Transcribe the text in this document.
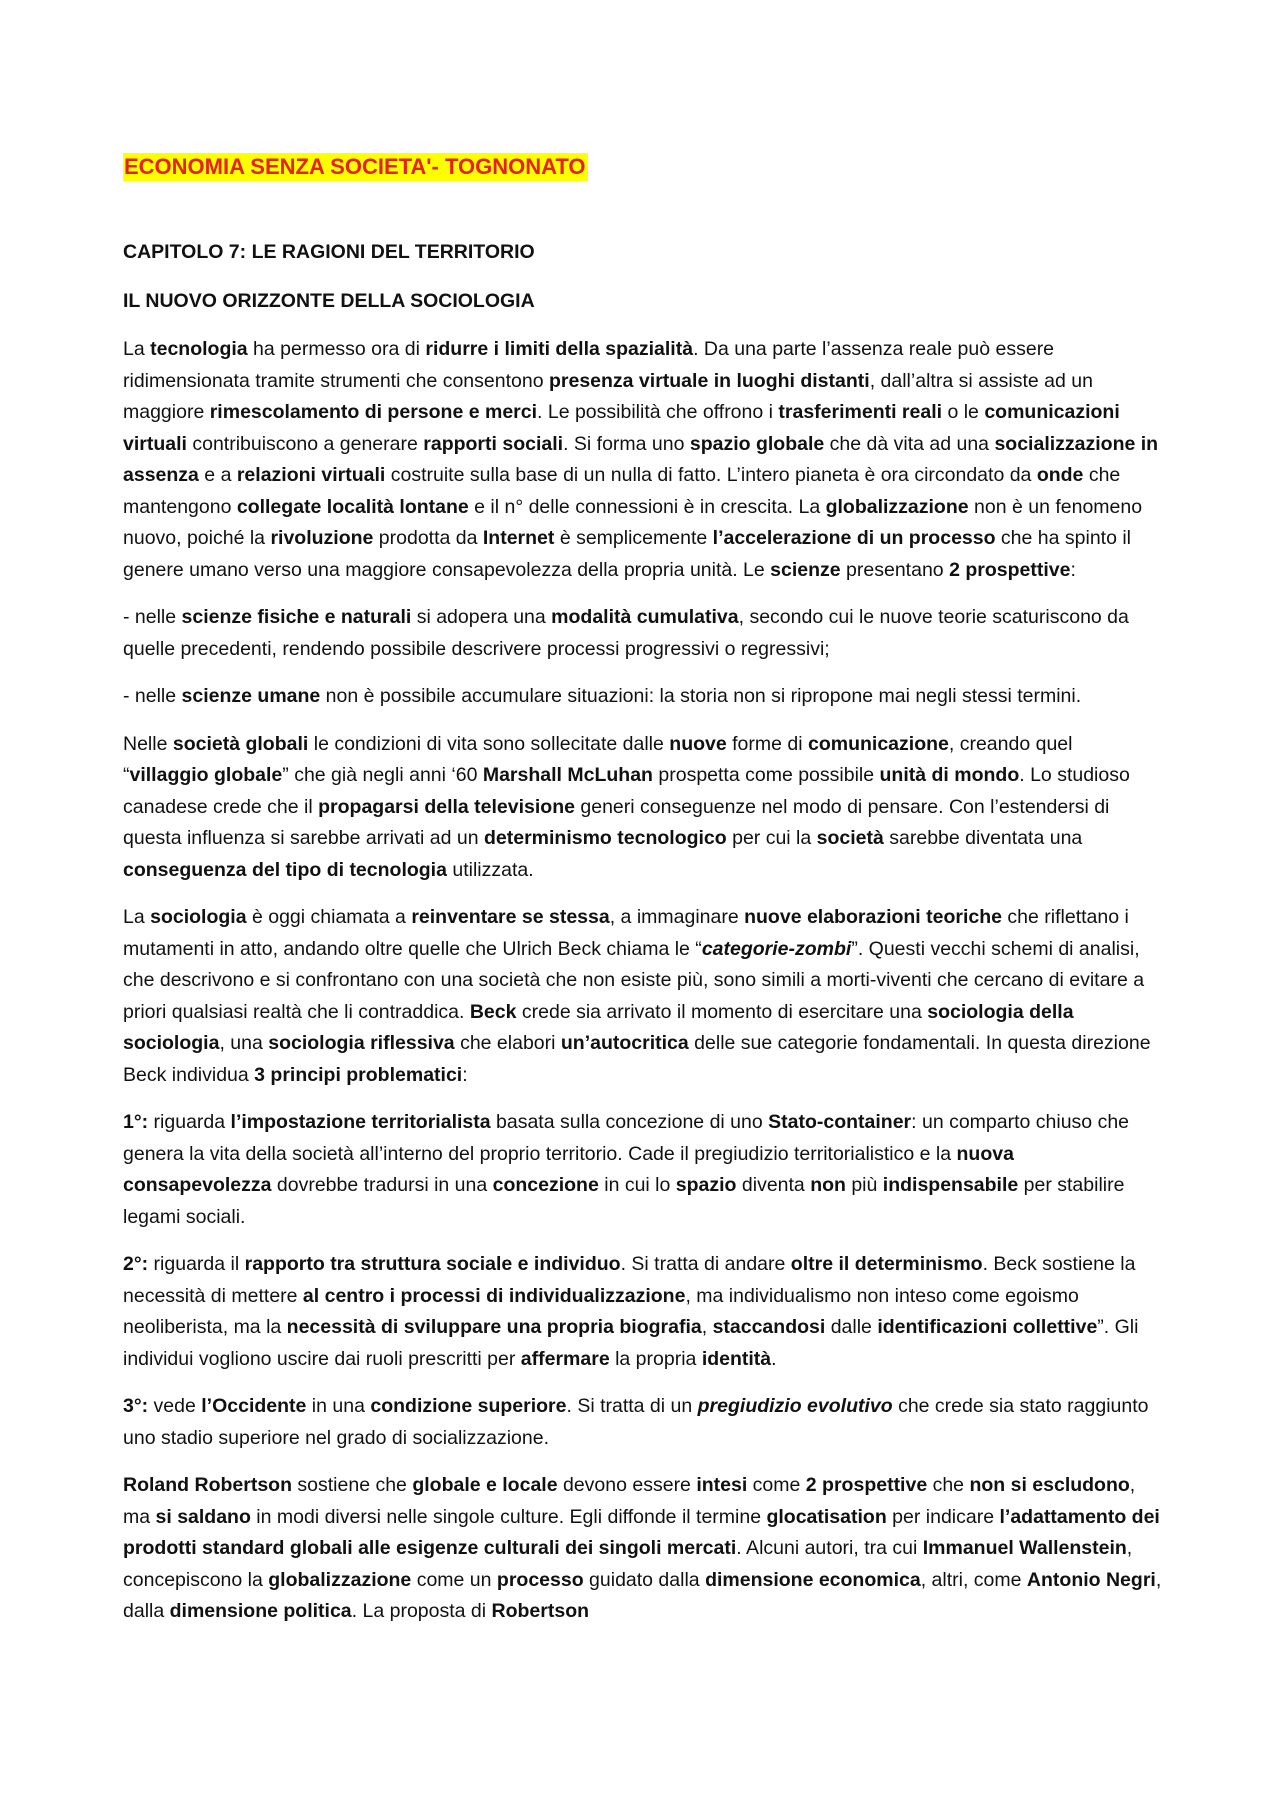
ECONOMIA SENZA SOCIETA'- TOGNONATO

CAPITOLO 7: LE RAGIONI DEL TERRITORIO

IL NUOVO ORIZZONTE DELLA SOCIOLOGIA

La tecnologia ha permesso ora di ridurre i limiti della spazialità. Da una parte l’assenza reale può essere ridimensionata tramite strumenti che consentono presenza virtuale in luoghi distanti, dall’altra si assiste ad un maggiore rimescolamento di persone e merci. Le possibilità che offrono i trasferimenti reali o le comunicazioni virtuali contribuiscono a generare rapporti sociali. Si forma uno spazio globale che dà vita ad una socializzazione in assenza e a relazioni virtuali costruite sulla base di un nulla di fatto. L’intero pianeta è ora circondato da onde che mantengono collegate località lontane e il n° delle connessioni è in crescita. La globalizzazione non è un fenomeno nuovo, poiché la rivoluzione prodotta da Internet è semplicemente l’accelerazione di un processo che ha spinto il genere umano verso una maggiore consapevolezza della propria unità. Le scienze presentano 2 prospettive:

- nelle scienze fisiche e naturali si adopera una modalità cumulativa, secondo cui le nuove teorie scaturiscono da quelle precedenti, rendendo possibile descrivere processi progressivi o regressivi;

- nelle scienze umane non è possibile accumulare situazioni: la storia non si ripropone mai negli stessi termini.

Nelle società globali le condizioni di vita sono sollecitate dalle nuove forme di comunicazione, creando quel “villaggio globale” che già negli anni ‘60 Marshall McLuhan prospetta come possibile unità di mondo. Lo studioso canadese crede che il propagarsi della televisione generi conseguenze nel modo di pensare. Con l’estendersi di questa influenza si sarebbe arrivati ad un determinismo tecnologico per cui la società sarebbe diventata una conseguenza del tipo di tecnologia utilizzata.

La sociologia è oggi chiamata a reinventare se stessa, a immaginare nuove elaborazioni teoriche che riflettano i mutamenti in atto, andando oltre quelle che Ulrich Beck chiama le “categorie-zombi”. Questi vecchi schemi di analisi, che descrivono e si confrontano con una società che non esiste più, sono simili a morti-viventi che cercano di evitare a priori qualsiasi realtà che li contraddica. Beck crede sia arrivato il momento di esercitare una sociologia della sociologia, una sociologia riflessiva che elabori un’autocritica delle sue categorie fondamentali. In questa direzione Beck individua 3 principi problematici:

1°: riguarda l’impostazione territorialista basata sulla concezione di uno Stato-container: un comparto chiuso che genera la vita della società all’interno del proprio territorio. Cade il pregiudizio territorialistico e la nuova consapevolezza dovrebbe tradursi in una concezione in cui lo spazio diventa non più indispensabile per stabilire legami sociali.

2°: riguarda il rapporto tra struttura sociale e individuo. Si tratta di andare oltre il determinismo. Beck sostiene la necessità di mettere al centro i processi di individualizzazione, ma individualismo non inteso come egoismo neoliberista, ma la necessità di sviluppare una propria biografia, staccandosi dalle identificazioni collettive”. Gli individui vogliono uscire dai ruoli prescritti per affermare la propria identità.

3°: vede l’Occidente in una condizione superiore. Si tratta di un pregiudizio evolutivo che crede sia stato raggiunto uno stadio superiore nel grado di socializzazione.

Roland Robertson sostiene che globale e locale devono essere intesi come 2 prospettive che non si escludono, ma si saldano in modi diversi nelle singole culture. Egli diffonde il termine glocatisation per indicare l’adattamento dei prodotti standard globali alle esigenze culturali dei singoli mercati. Alcuni autori, tra cui Immanuel Wallenstein, concepiscono la globalizzazione come un processo guidato dalla dimensione economica, altri, come Antonio Negri, dalla dimensione politica. La proposta di Robertson
